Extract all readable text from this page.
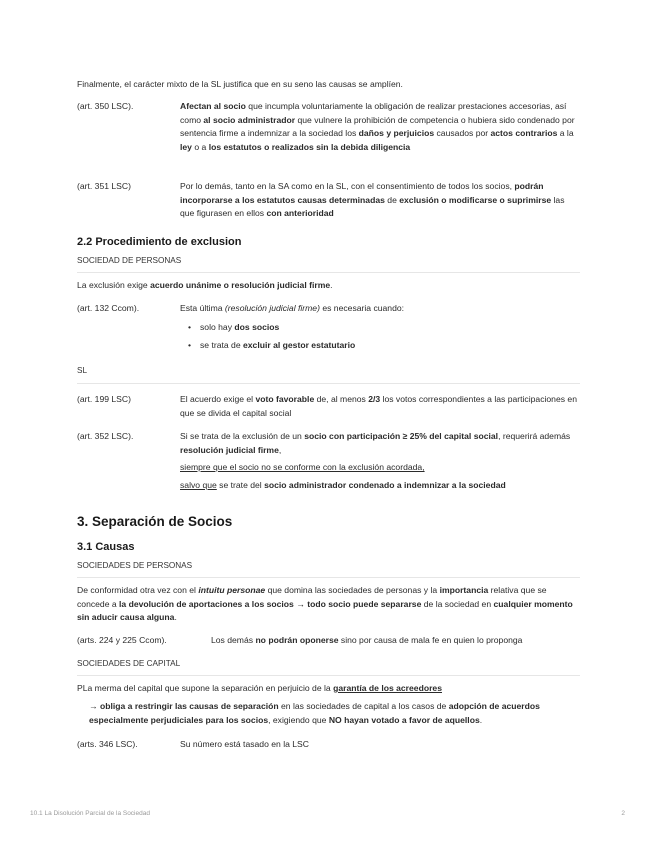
Finalmente, el carácter mixto de la SL justifica que en su seno las causas se amplíen.

(art. 350 LSC).	Afectan al socio que incumpla voluntariamente la obligación de realizar prestaciones accesorias, así como al socio administrador que vulnere la prohibición de competencia o hubiera sido condenado por sentencia firme a indemnizar a la sociedad los daños y perjuicios causados por actos contrarios a la ley o a los estatutos o realizados sin la debida diligencia
(art. 351 LSC)	Por lo demás, tanto en la SA como en la SL, con el consentimiento de todos los socios, podrán incorporarse a los estatutos causas determinadas de exclusión o modificarse o suprimirse las que figurasen en ellos con anterioridad
2.2 Procedimiento de exclusion

SOCIEDAD DE PERSONAS

La exclusión exige acuerdo unánime o resolución judicial firme.

(art. 132 Ccom).	Esta última (resolución judicial firme) es necesaria cuando:
• solo hay dos socios
• se trata de excluir al gestor estatutario

SL

(art. 199 LSC)	El acuerdo exige el voto favorable de, al menos 2/3 los votos correspondientes a las participaciones en que se divida el capital social
(art. 352 LSC).	Si se trata de la exclusión de un socio con participación ≥ 25% del capital social, requerirá además resolución judicial firme,
siempre que el socio no se conforme con la exclusión acordada,
salvo que se trate del socio administrador condenado a indemnizar a la sociedad
3. Separación de Socios
3.1 Causas

SOCIEDADES DE PERSONAS

De conformidad otra vez con el intuitu personae que domina las sociedades de personas y la importancia relativa que se concede a la devolución de aportaciones a los socios → todo socio puede separarse de la sociedad en cualquier momento sin aducir causa alguna.

(arts. 224 y 225 Ccom).	Los demás no podrán oponerse sino por causa de mala fe en quien lo proponga

SOCIEDADES DE CAPITAL

PLa merma del capital que supone la separación en perjuicio de la garantía de los acreedores

→ obliga a restringir las causas de separación en las sociedades de capital a los casos de adopción de acuerdos especialmente perjudiciales para los socios, exigiendo que NO hayan votado a favor de aquellos.
(arts. 346 LSC).	Su número está tasado en la LSC
10.1 La Disolución Parcial de la Sociedad	2
